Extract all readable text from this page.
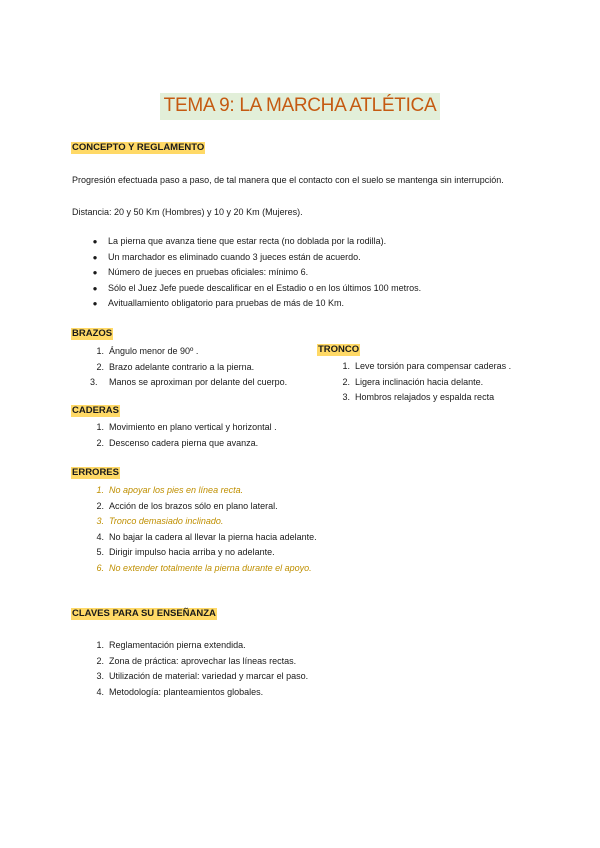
TEMA 9: LA MARCHA ATLÉTICA
CONCEPTO Y REGLAMENTO
Progresión efectuada paso a paso, de tal manera que el contacto con el suelo se mantenga sin interrupción.
Distancia: 20 y 50 Km (Hombres) y 10 y 20 Km (Mujeres).
● La pierna que avanza tiene que estar recta (no doblada por la rodilla).
● Un marchador es eliminado cuando 3 jueces están de acuerdo.
● Número de jueces en pruebas oficiales: mínimo 6.
● Sólo el Juez Jefe puede descalificar en el Estadio o en los últimos 100 metros.
● Avituallamiento obligatorio para pruebas de más de 10 Km.
BRAZOS
1. Ángulo menor de 90º .
2. Brazo adelante contrario a la pierna.
3.	Manos se aproximan por delante del cuerpo.
TRONCO
1. Leve torsión para compensar caderas .
2. Ligera inclinación hacia delante.
3. Hombros relajados y espalda recta
CADERAS
1. Movimiento en plano vertical y horizontal .
2. Descenso cadera pierna que avanza.
ERRORES
1. No apoyar los pies en línea recta.
2. Acción de los brazos sólo en plano lateral.
3. Tronco demasiado inclinado.
4. No bajar la cadera al llevar la pierna hacia adelante.
5. Dirigir impulso hacia arriba y no adelante.
6. No extender totalmente la pierna durante el apoyo.
CLAVES PARA SU ENSEÑANZA
1. Reglamentación pierna extendida.
2. Zona de práctica: aprovechar las líneas rectas.
3. Utilización de material: variedad y marcar el paso.
4. Metodología: planteamientos globales.
